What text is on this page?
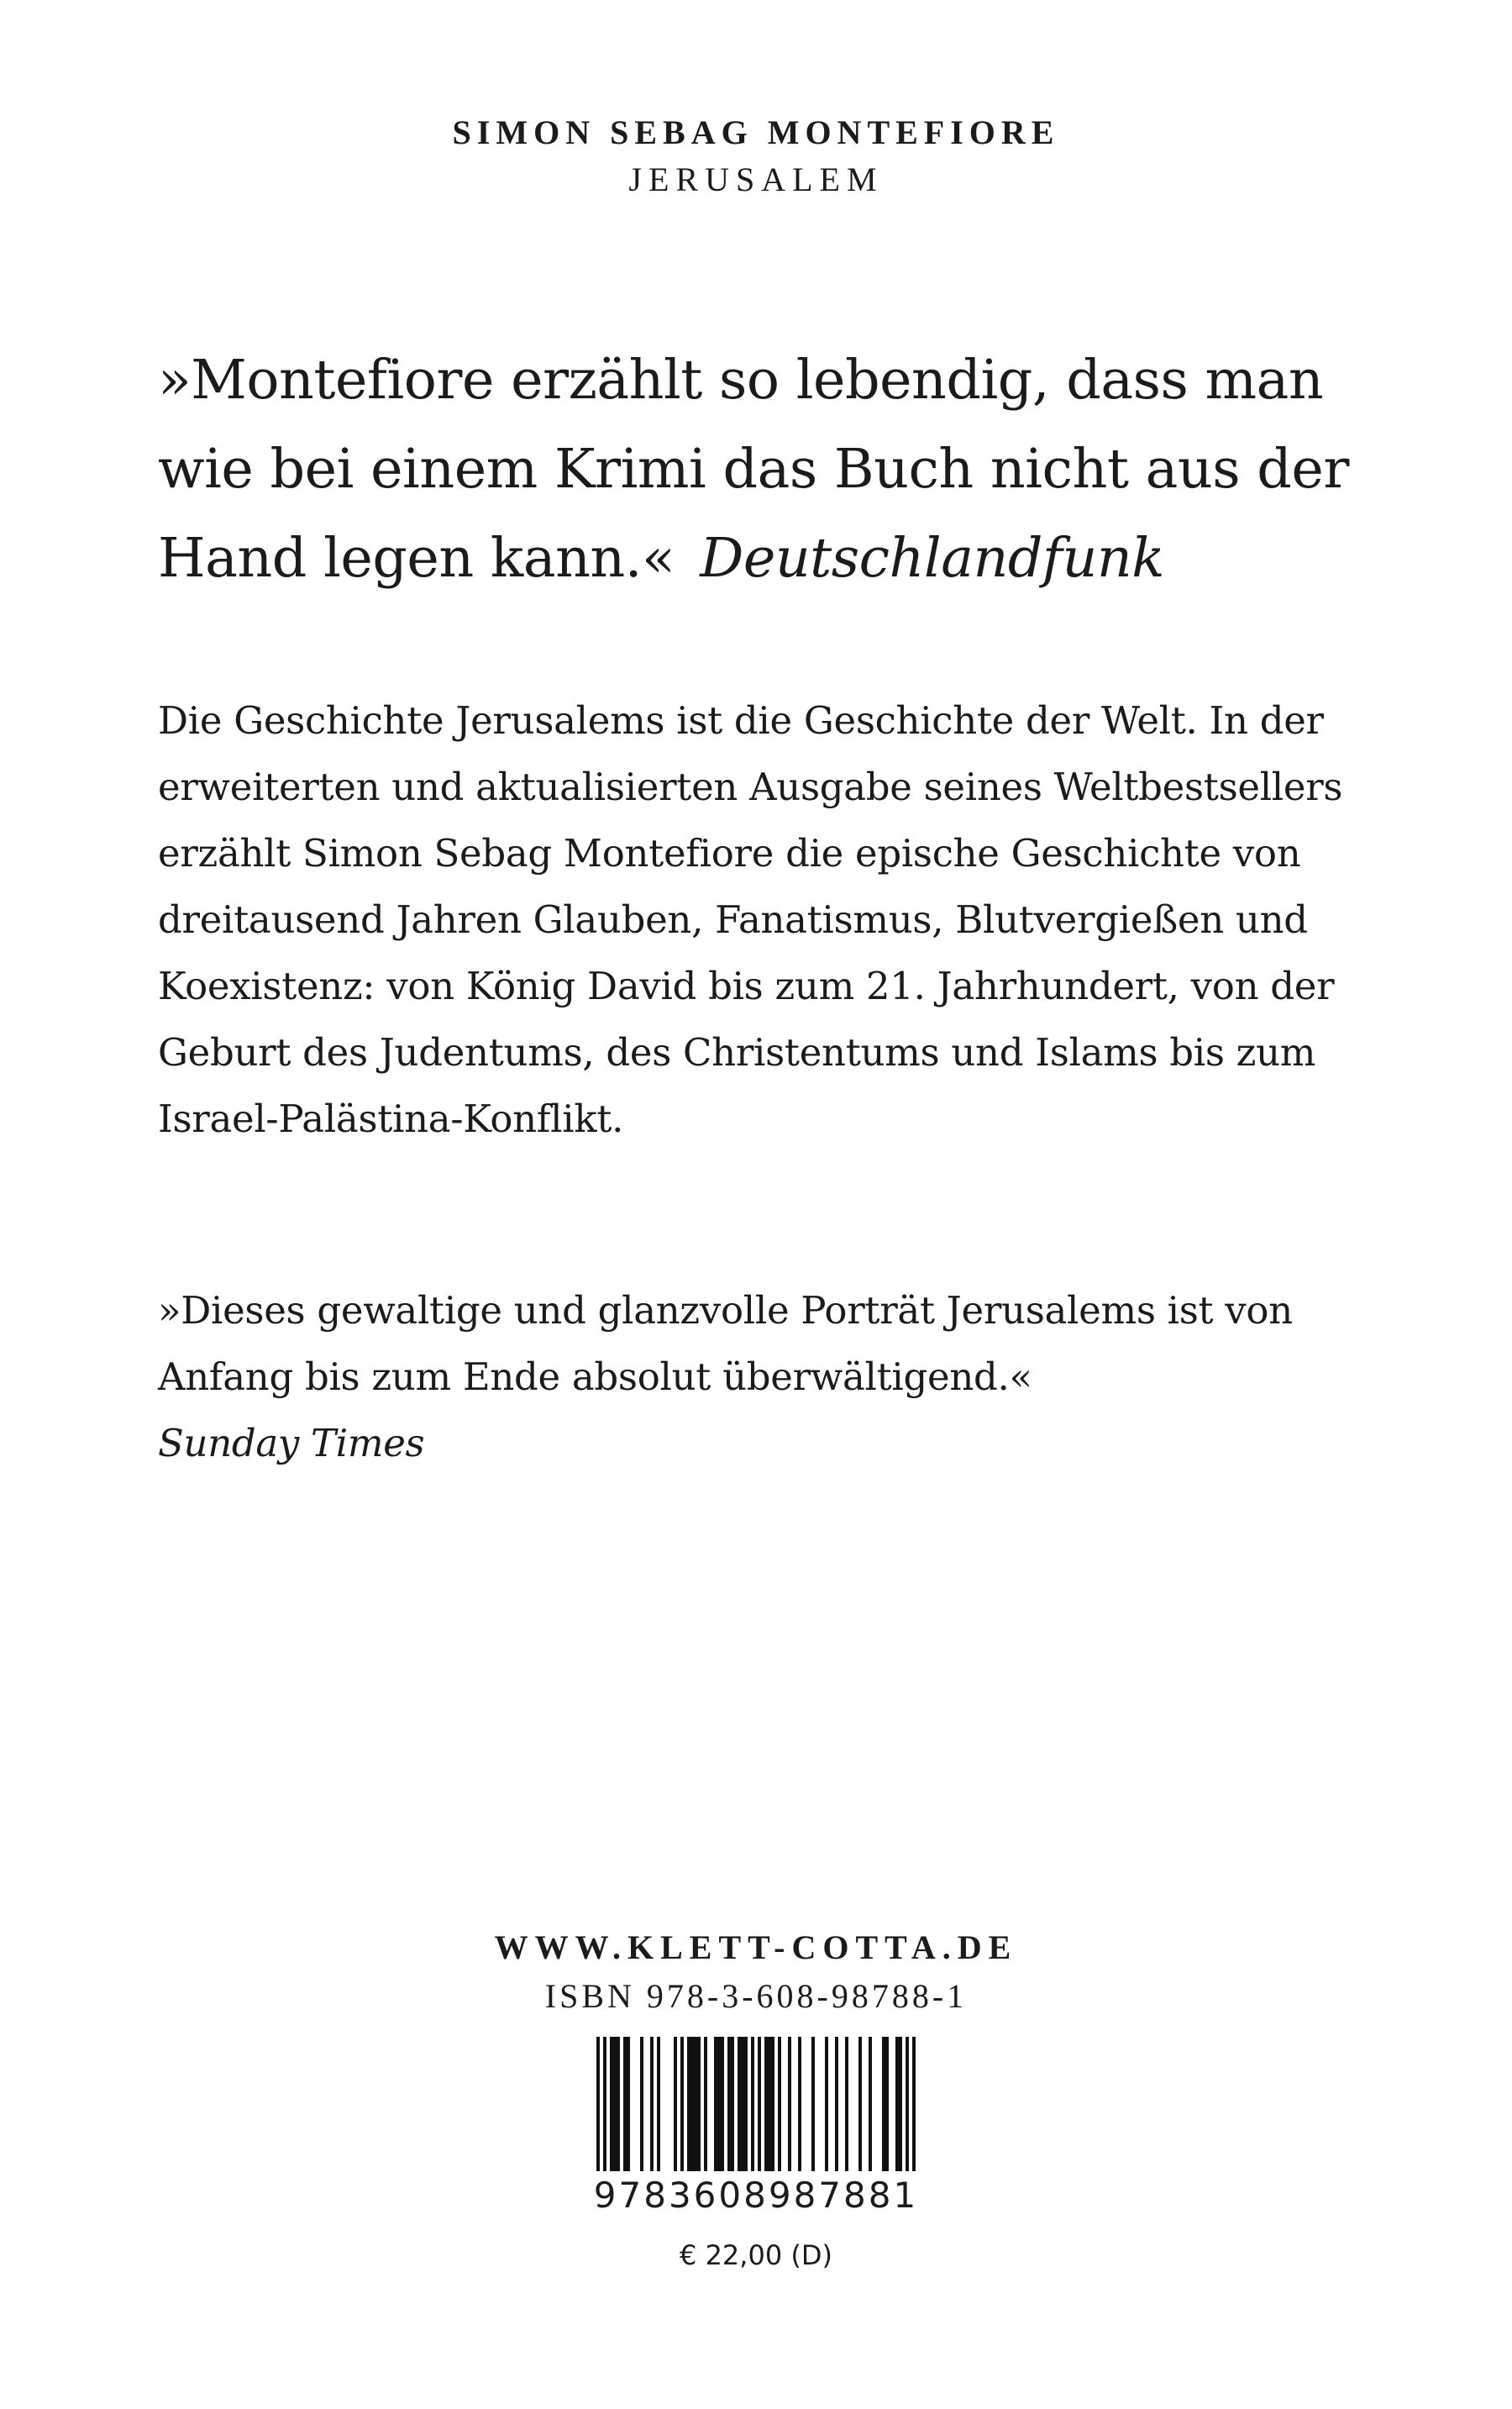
SIMON SEBAG MONTEFIORE
JERUSALEM

»Montefiore erzählt so lebendig, dass man wie bei einem Krimi das Buch nicht aus der Hand legen kann.« Deutschlandfunk

Die Geschichte Jerusalems ist die Geschichte der Welt. In der erweiterten und aktualisierten Ausgabe seines Weltbestsellers erzählt Simon Sebag Montefiore die epische Geschichte von dreitausend Jahren Glauben, Fanatismus, Blutvergießen und Koexistenz: von König David bis zum 21. Jahrhundert, von der Geburt des Judentums, des Christentums und Islams bis zum Israel-Palästina-Konflikt.

»Dieses gewaltige und glanzvolle Porträt Jerusalems ist von Anfang bis zum Ende absolut überwältigend.«
Sunday Times

WWW.KLETT-COTTA.DE
ISBN 978-3-608-98788-1
9783608987881
€ 22,00 (D)
